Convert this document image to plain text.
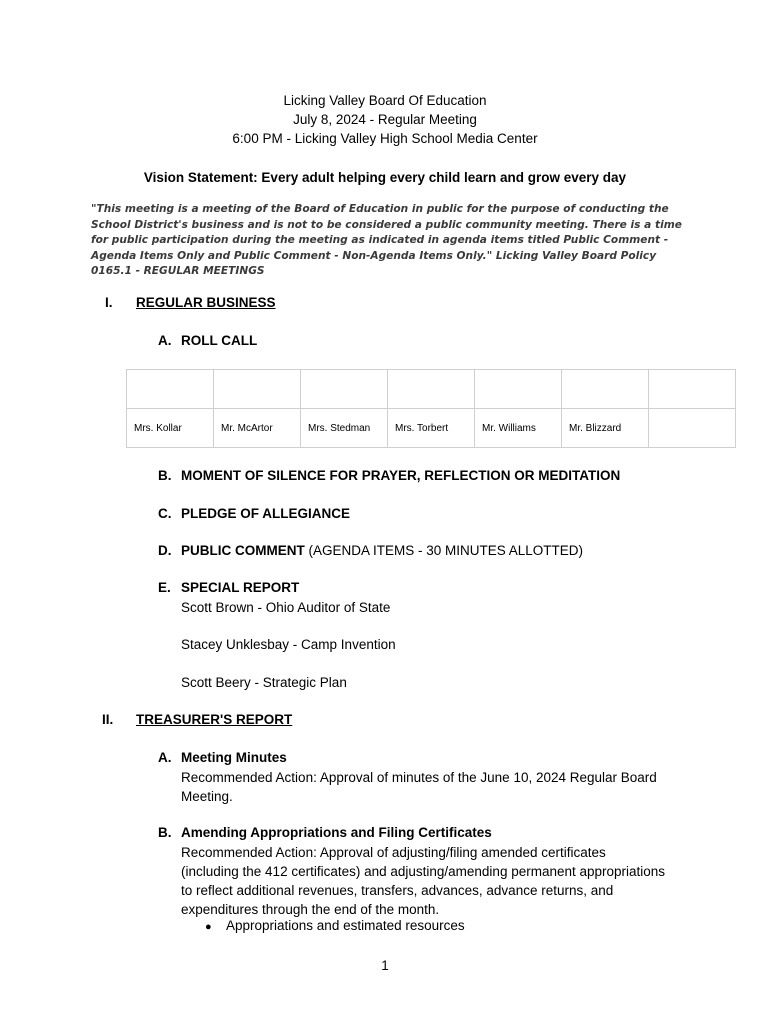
Licking Valley Board Of Education
July 8, 2024 - Regular Meeting
6:00 PM - Licking Valley High School Media Center
Vision Statement: Every adult helping every child learn and grow every day
"This meeting is a meeting of the Board of Education in public for the purpose of conducting the School District's business and is not to be considered a public community meeting. There is a time for public participation during the meeting as indicated in agenda items titled Public Comment - Agenda Items Only and Public Comment - Non-Agenda Items Only." Licking Valley Board Policy 0165.1 - REGULAR MEETINGS
I. REGULAR BUSINESS
A. ROLL CALL

Mrs. Kollar	Mr. McArtor	Mrs. Stedman	Mrs. Torbert	Mr. Williams	Mr. Blizzard	
B. MOMENT OF SILENCE FOR PRAYER, REFLECTION OR MEDITATION
C. PLEDGE OF ALLEGIANCE
D. PUBLIC COMMENT (AGENDA ITEMS - 30 MINUTES ALLOTTED)
E. SPECIAL REPORT
Scott Brown - Ohio Auditor of State
Stacey Unklesbay - Camp Invention
Scott Beery - Strategic Plan
II. TREASURER'S REPORT
A. Meeting Minutes
Recommended Action: Approval of minutes of the June 10, 2024 Regular Board
Meeting.
B. Amending Appropriations and Filing Certificates
Recommended Action: Approval of adjusting/filing amended certificates
(including the 412 certificates) and adjusting/amending permanent appropriations
to reflect additional revenues, transfers, advances, advance returns, and
expenditures through the end of the month.
● Appropriations and estimated resources
1
